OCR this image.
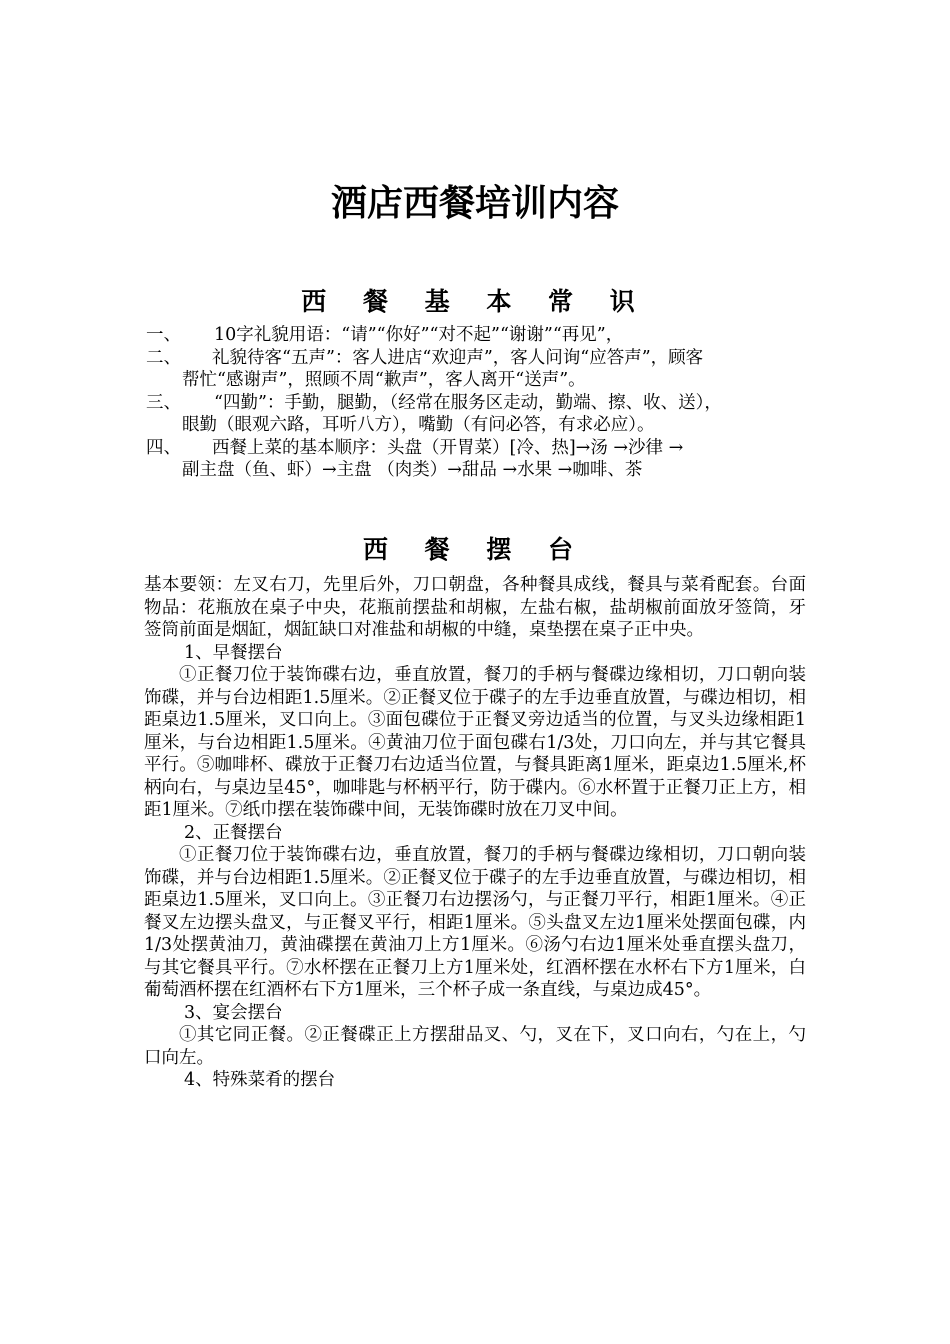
酒店西餐培训内容
西 餐 基 本 常 识
一、 10字礼貌用语：“请”“你好”“对不起”“谢谢”“再见”，
二、 礼貌待客“五声”：客人进店“欢迎声”，客人问询“应答声”，顾客
帮忙“感谢声”，照顾不周“歉声”，客人离开“送声”。
三、 “四勤”：手勤，腿勤，（经常在服务区走动，勤端、擦、收、送），
眼勤（眼观六路，耳听八方），嘴勤（有问必答，有求必应）。
四、 西餐上菜的基本顺序：头盘（开胃菜）[冷、热]→汤 →沙律 →
副主盘（鱼、虾）→主盘 （肉类）→甜品 →水果 →咖啡、茶
西 餐 摆 台

基本要领：左叉右刀，先里后外，刀口朝盘，各种餐具成线，餐具与菜肴配套。台面物品：花瓶放在桌子中央，花瓶前摆盐和胡椒，左盐右椒，盐胡椒前面放牙签筒，牙签筒前面是烟缸，烟缸缺口对准盐和胡椒的中缝，桌垫摆在桌子正中央。

1、早餐摆台

①正餐刀位于装饰碟右边，垂直放置，餐刀的手柄与餐碟边缘相切，刀口朝向装饰碟，并与台边相距1.5厘米。②正餐叉位于碟子的左手边垂直放置，与碟边相切，相距桌边1.5厘米，叉口向上。③面包碟位于正餐叉旁边适当的位置，与叉头边缘相距1厘米，与台边相距1.5厘米。④黄油刀位于面包碟右1/3处，刀口向左，并与其它餐具平行。⑤咖啡杯、碟放于正餐刀右边适当位置，与餐具距离1厘米，距桌边1.5厘米,杯柄向右，与桌边呈45°，咖啡匙与杯柄平行，防于碟内。⑥水杯置于正餐刀正上方，相距1厘米。⑦纸巾摆在装饰碟中间，无装饰碟时放在刀叉中间。

2、正餐摆台

①正餐刀位于装饰碟右边，垂直放置，餐刀的手柄与餐碟边缘相切，刀口朝向装饰碟，并与台边相距1.5厘米。②正餐叉位于碟子的左手边垂直放置，与碟边相切，相距桌边1.5厘米，叉口向上。③正餐刀右边摆汤勺，与正餐刀平行，相距1厘米。④正餐叉左边摆头盘叉，与正餐叉平行，相距1厘米。⑤头盘叉左边1厘米处摆面包碟，内1/3处摆黄油刀，黄油碟摆在黄油刀上方1厘米。⑥汤勺右边1厘米处垂直摆头盘刀，与其它餐具平行。⑦水杯摆在正餐刀上方1厘米处，红酒杯摆在水杯右下方1厘米，白葡萄酒杯摆在红酒杯右下方1厘米，三个杯子成一条直线，与桌边成45°。

3、宴会摆台

①其它同正餐。②正餐碟正上方摆甜品叉、勺，叉在下，叉口向右，勺在上，勺口向左。

4、特殊菜肴的摆台
